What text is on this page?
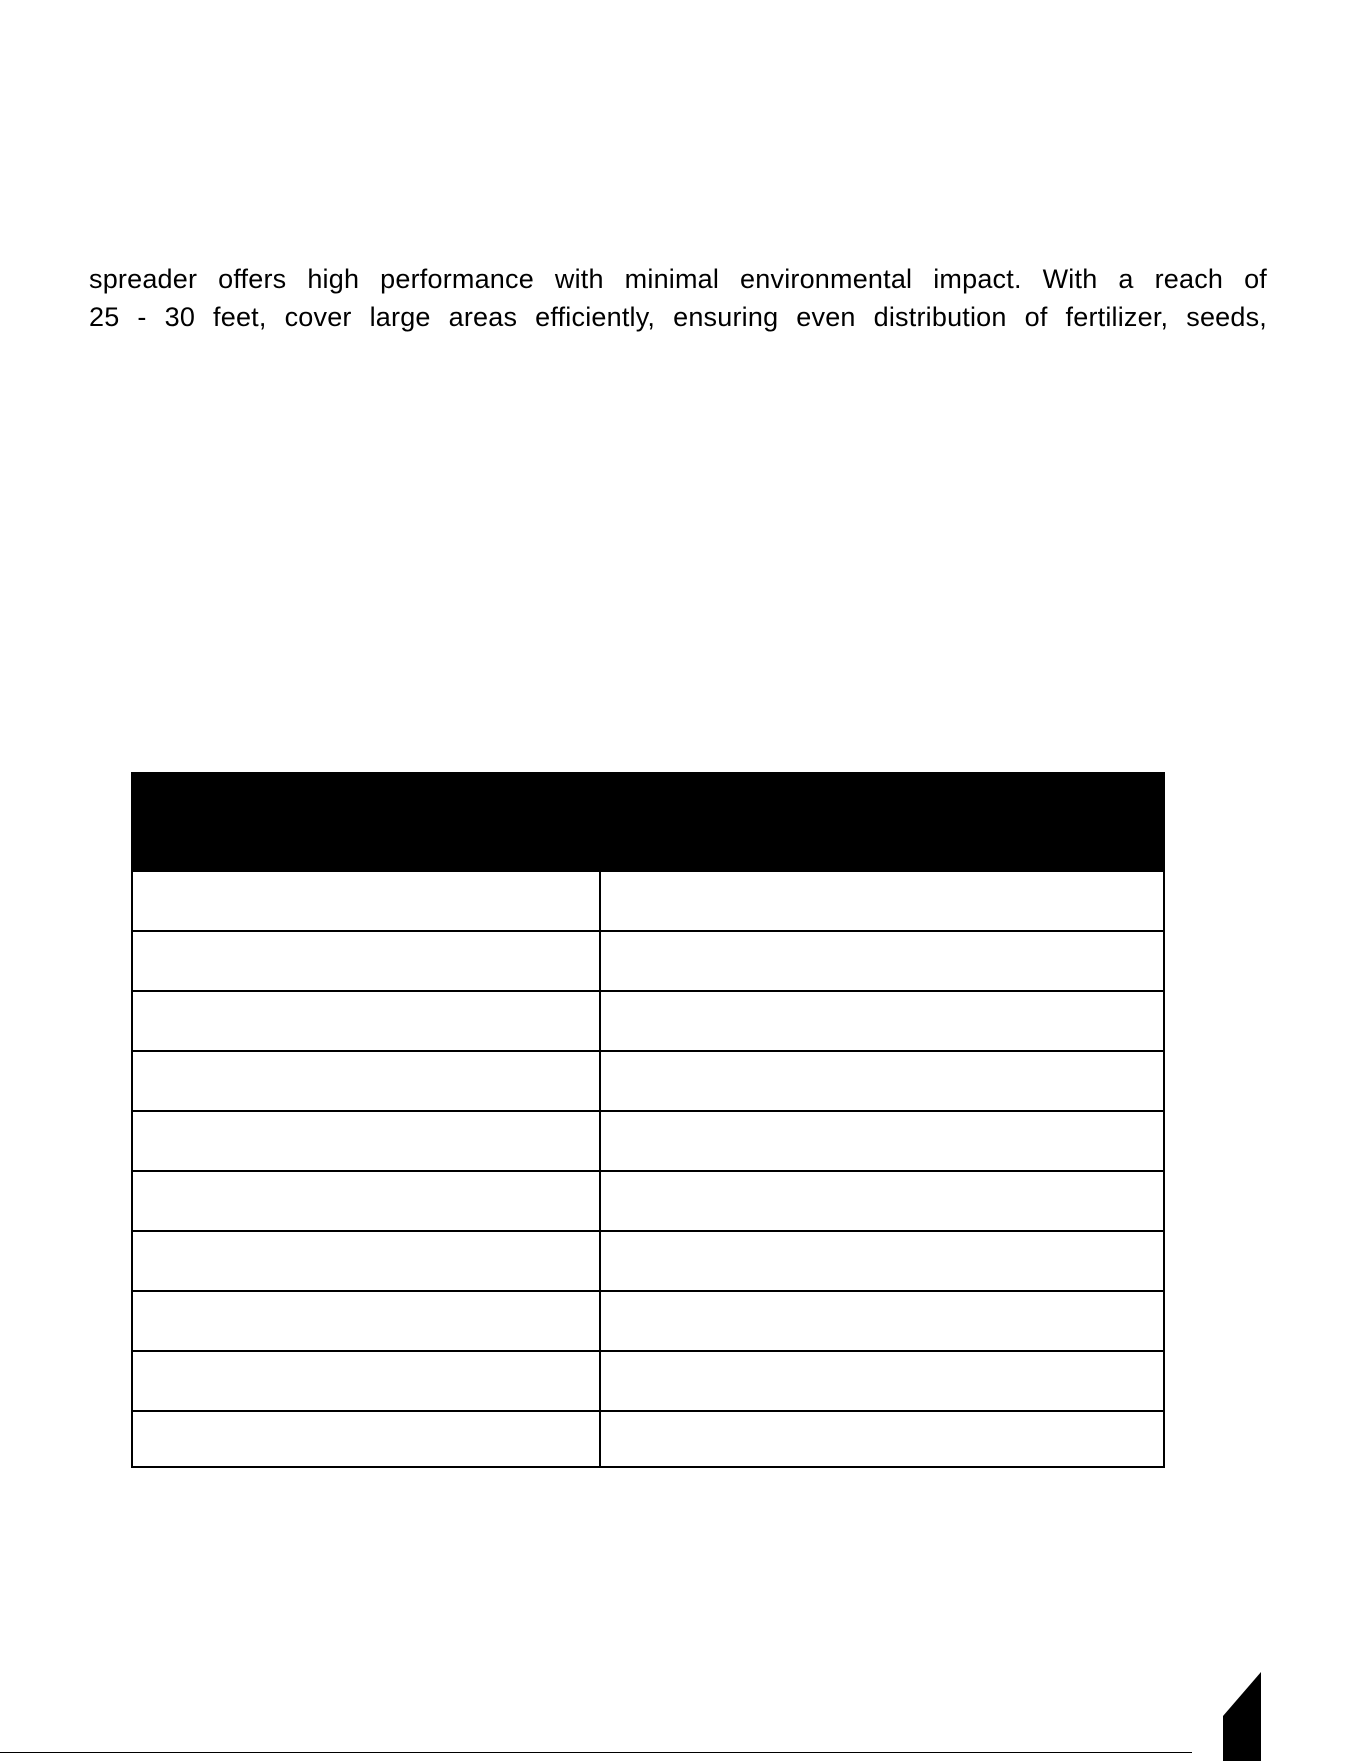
spreader offers high performance with minimal environmental impact. With a reach of
25 - 30 feet, cover large areas efficiently, ensuring even distribution of fertilizer, seeds,
